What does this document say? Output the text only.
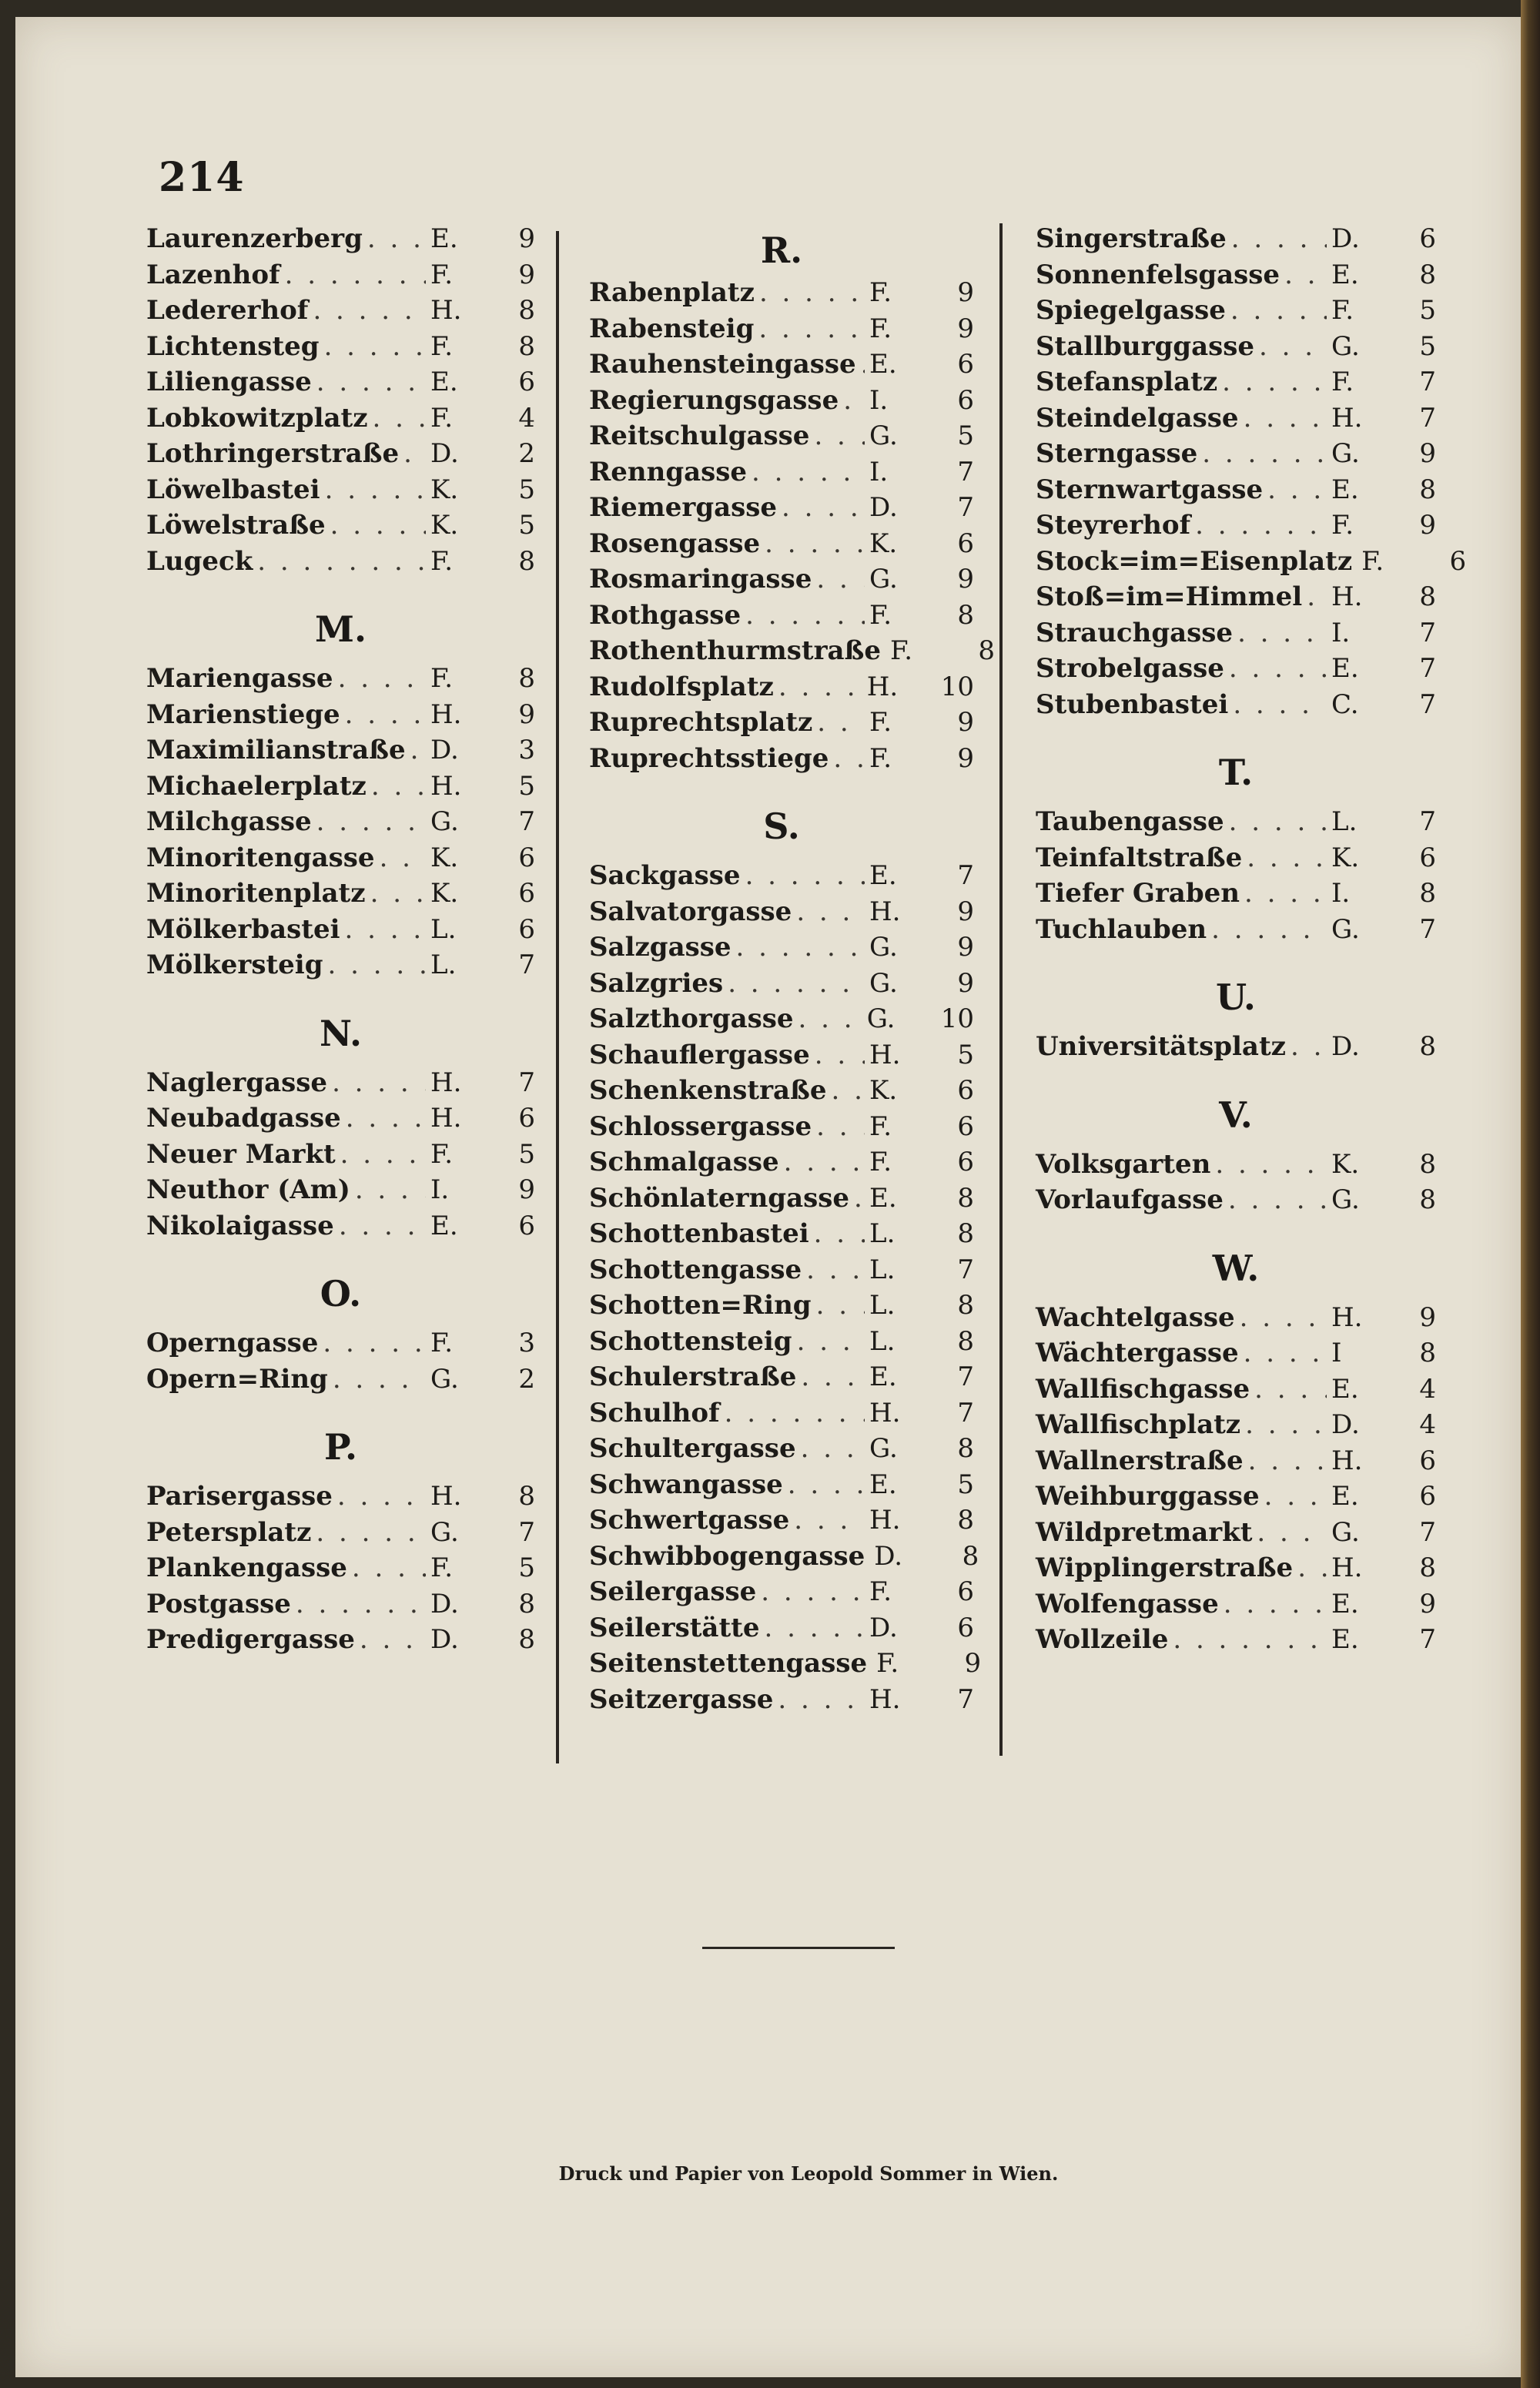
214
Laurenzerberg . . .	E.	9
Lazenhof . . .	F.	9
Ledererhof . . .	H.	8
Lichtensteg . . .	F.	8
Liliengasse . . .	E.	6
Lobkowitzplatz . . . F.	4
Lothringerstraße . . . D.	2
Löwelbastei . . .	K.	5
Löwelstraße . . .	K.	5
Lugeck . . .	F.	8
M.
Mariengasse . . .	F.	8
Marienstiege . . .	H.	9
Maximilianstraße . . . D.	3
Michaelerplatz . . . H.	5
Milchgasse . . .	G.	7
Minoritengasse . . . K.	6
Minoritenplatz . . . K.	6
Mölkerbastei . . .	L.	6
Mölkersteig . . .	L.	7
N.
Naglergasse . . .	H.	7
Neubadgasse . . .	H.	6
Neuer Markt . . .	F.	5
Neuthor (Am) . . .	I.	9
Nikolaigasse . . .	E.	6
O.
Operngasse . . .	F.	3
Opern=Ring . . .	G.	2
P.
Parisergasse . . .	H.	8
Petersplatz . . .	G.	7
Plankengasse . . .	F.	5
Postgasse . . .	D.	8
Predigergasse . . .	D.	8
R.
Rabenplatz . . .	F.	9
Rabensteig . . .	F.	9
Rauhensteingasse . . . E.	6
Regierungsgasse . . . I.	6
Reitschulgasse . . . G.	5
Renngasse . . .	I.	7
Riemergasse . . .	D.	7
Rosengasse . . .	K.	6
Rosmaringasse . . . G.	9
Rothgasse . . .	F.	8
Rothenthurmstraße F.	8
Rudolfsplatz . . .	H.	10
Ruprechtsplatz . . . F.	9
Ruprechtsstiege . . . F.	9
S.
Sackgasse . . .	E.	7
Salvatorgasse . . .	H.	9
Salzgasse . . .	G.	9
Salzgries . . .	G.	9
Salzthorgasse . . .	G.	10
Schauflergasse . . . H.	5
Schenkenstraße . . . K.	6
Schlossergasse . . . F.	6
Schmalgasse . . .	F.	6
Schönlaterngasse . . . E.	8
Schottenbastei . . . L.	8
Schottengasse . . .	L.	7
Schotten=Ring . . . L.	8
Schottensteig . . .	L.	8
Schulerstraße . . .	E.	7
Schulhof . . .	H.	7
Schultergasse . . .	G.	8
Schwangasse . . .	E.	5
Schwertgasse . . .	H.	8
Schwibbogengasse D.	8
Seilergasse . . .	F.	6
Seilerstätte . . .	D.	6
Seitenstettengasse F.	9
Seitzergasse . . .	H.	7
Singerstraße . . .	D.	6
Sonnenfelsgasse . . . E.	8
Spiegelgasse . . .	F.	5
Stallburggasse . . .	G.	5
Stefansplatz . . .	F.	7
Steindelgasse . . .	H.	7
Sterngasse . . .	G.	9
Sternwartgasse . . .	E.	8
Steyrerhof . . .	F.	9
Stock=im=Eisenplatz F.	6
Stoß=im=Himmel . . . H.	8
Strauchgasse . . .	I.	7
Strobelgasse . . .	E.	7
Stubenbastei . . .	C.	7
T.
Taubengasse . . .	L.	7
Teinfaltstraße . . .	K.	6
Tiefer Graben . . .	I.	8
Tuchlauben . . .	G.	7
U.
Universitätsplatz . . . D.	8
V.
Volksgarten . . .	K.	8
Vorlaufgasse . . .	G.	8
W.
Wachtelgasse . . .	H.	9
Wächtergasse . . .	I	8
Wallfischgasse . . .	E.	4
Wallfischplatz . . .	D.	4
Wallnerstraße . . .	H.	6
Weihburggasse . . .	E.	6
Wildpretmarkt . . .	G.	7
Wipplingerstraße . . . H.	8
Wolfengasse . . .	E.	9
Wollzeile . . .	E.	7
Druck und Papier von Leopold Sommer in Wien.
